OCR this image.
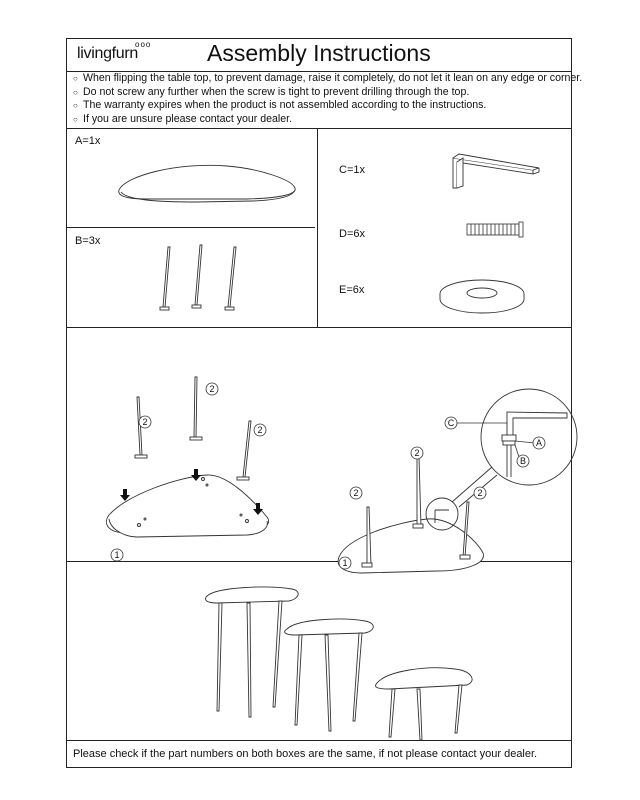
livingfurn
ooo Assembly Instructions
○ When flipping the table top, to prevent damage, raise it completely, do not let it lean on any edge or corner.
○ Do not screw any further when the screw is tight to prevent drilling through the top.
○ The warranty expires when the product is not assembled according to the instructions.
○ If you are unsure please contact your dealer.
A=1x
B=3x
C=1x
D=6x
E=6x
1
2
2
2
C
A
B
1
2
2
2
Please check if the part numbers on both boxes are the same, if not please contact your dealer.
